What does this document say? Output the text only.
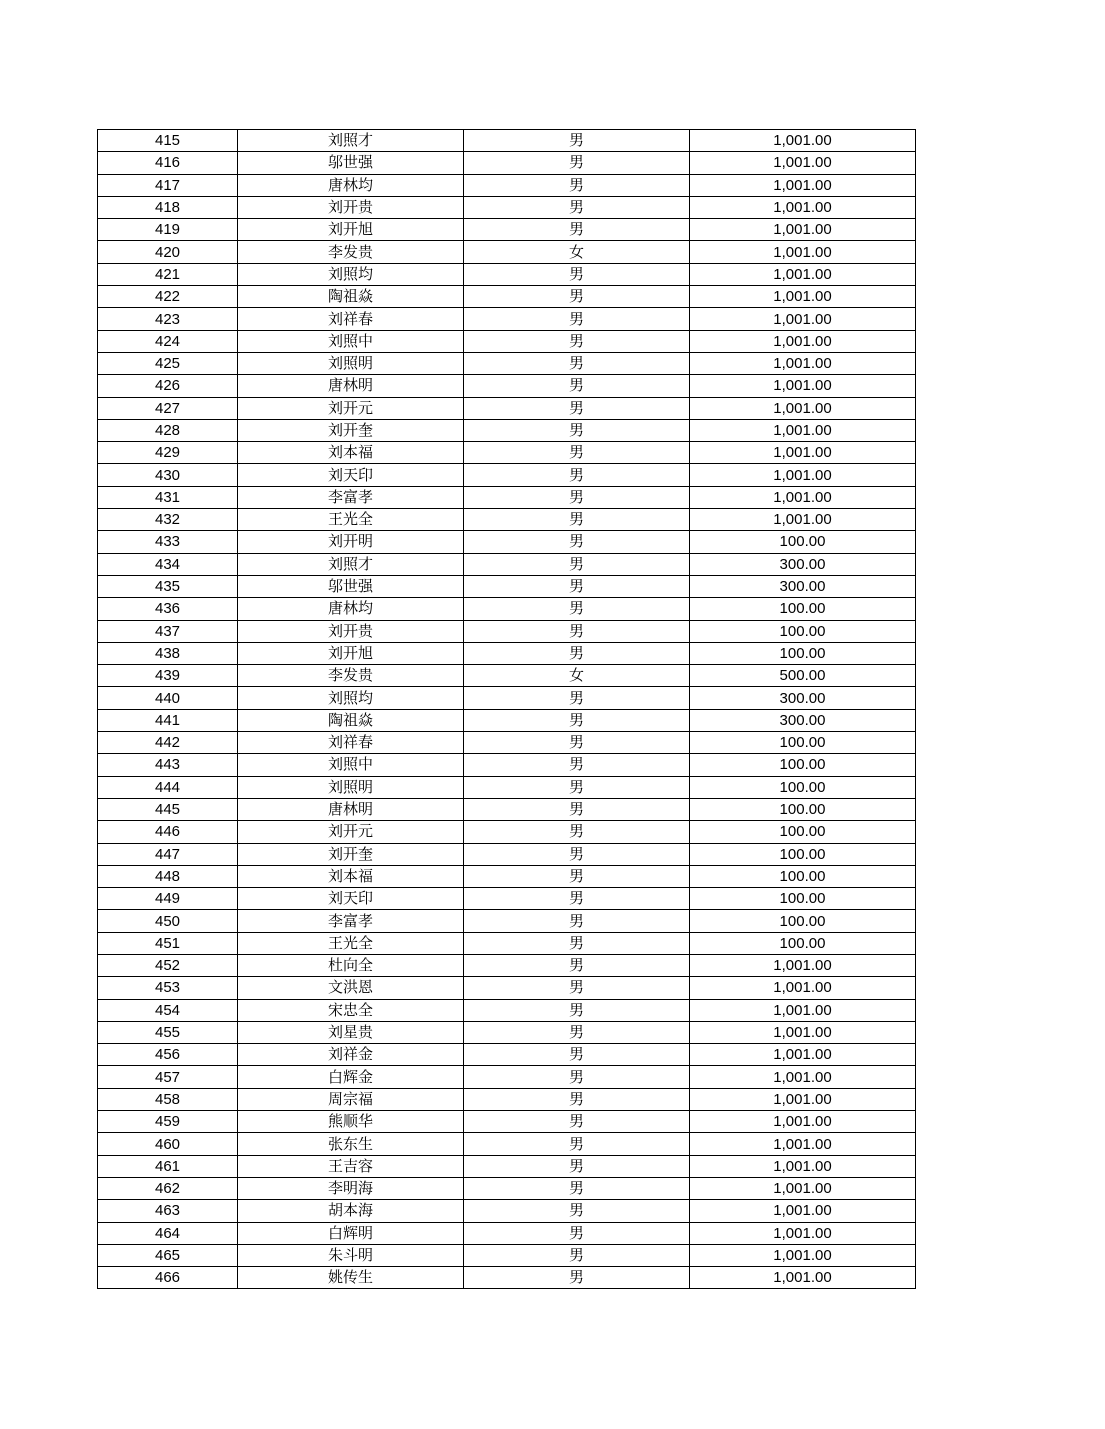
415	刘照才	男	1,001.00
416	邬世强	男	1,001.00
417	唐林均	男	1,001.00
418	刘开贵	男	1,001.00
419	刘开旭	男	1,001.00
420	李发贵	女	1,001.00
421	刘照均	男	1,001.00
422	陶祖焱	男	1,001.00
423	刘祥春	男	1,001.00
424	刘照中	男	1,001.00
425	刘照明	男	1,001.00
426	唐林明	男	1,001.00
427	刘开元	男	1,001.00
428	刘开奎	男	1,001.00
429	刘本福	男	1,001.00
430	刘天印	男	1,001.00
431	李富孝	男	1,001.00
432	王光全	男	1,001.00
433	刘开明	男	100.00
434	刘照才	男	300.00
435	邬世强	男	300.00
436	唐林均	男	100.00
437	刘开贵	男	100.00
438	刘开旭	男	100.00
439	李发贵	女	500.00
440	刘照均	男	300.00
441	陶祖焱	男	300.00
442	刘祥春	男	100.00
443	刘照中	男	100.00
444	刘照明	男	100.00
445	唐林明	男	100.00
446	刘开元	男	100.00
447	刘开奎	男	100.00
448	刘本福	男	100.00
449	刘天印	男	100.00
450	李富孝	男	100.00
451	王光全	男	100.00
452	杜向全	男	1,001.00
453	文洪恩	男	1,001.00
454	宋忠全	男	1,001.00
455	刘星贵	男	1,001.00
456	刘祥金	男	1,001.00
457	白辉金	男	1,001.00
458	周宗福	男	1,001.00
459	熊顺华	男	1,001.00
460	张东生	男	1,001.00
461	王吉容	男	1,001.00
462	李明海	男	1,001.00
463	胡本海	男	1,001.00
464	白辉明	男	1,001.00
465	朱斗明	男	1,001.00
466	姚传生	男	1,001.00
